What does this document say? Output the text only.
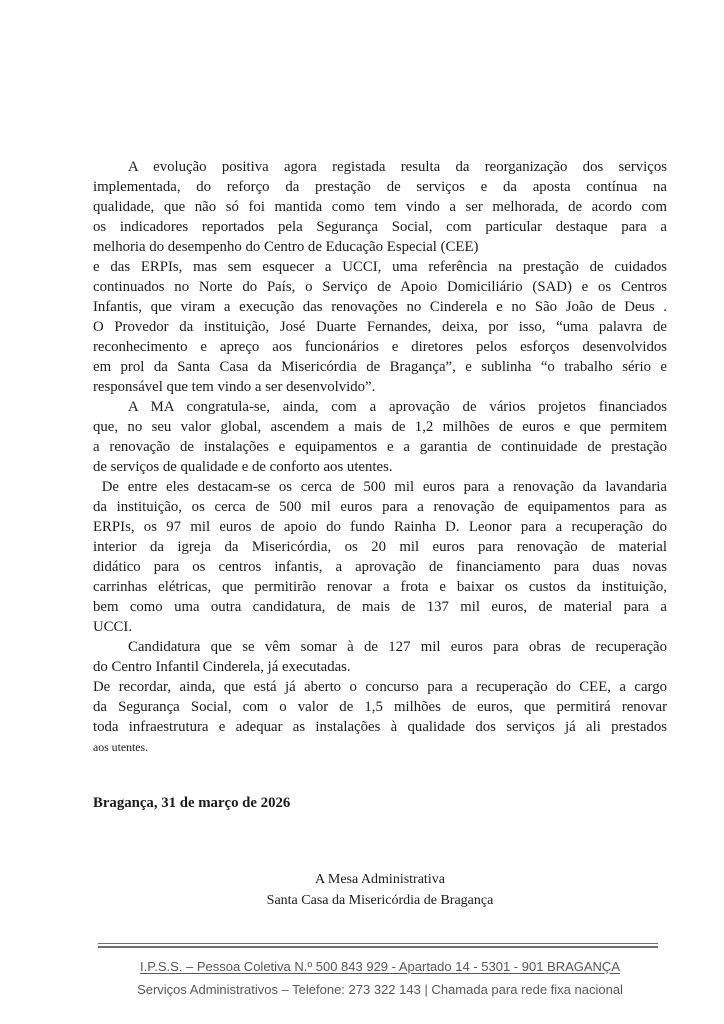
A evolução positiva agora registada resulta da reorganização dos serviços
implementada, do reforço da prestação de serviços e da aposta contínua na
qualidade, que não só foi mantida como tem vindo a ser melhorada, de acordo com
os indicadores reportados pela Segurança Social, com particular destaque para a
melhoria do desempenho do Centro de Educação Especial (CEE)
e das ERPIs, mas sem esquecer a UCCI, uma referência na prestação de cuidados
continuados no Norte do País, o Serviço de Apoio Domiciliário (SAD) e os Centros
Infantis, que viram a execução das renovações no Cinderela e no São João de Deus .
O Provedor da instituição, José Duarte Fernandes, deixa, por isso, “uma palavra de
reconhecimento e apreço aos funcionários e diretores pelos esforços desenvolvidos
em prol da Santa Casa da Misericórdia de Bragança”, e sublinha “o trabalho sério e
responsável que tem vindo a ser desenvolvido”.
A MA congratula-se, ainda, com a aprovação de vários projetos financiados
que, no seu valor global, ascendem a mais de 1,2 milhões de euros e que permitem
a renovação de instalações e equipamentos e a garantia de continuidade de prestação
de serviços de qualidade e de conforto aos utentes.
De entre eles destacam-se os cerca de 500 mil euros para a renovação da lavandaria
da instituição, os cerca de 500 mil euros para a renovação de equipamentos para as
ERPIs, os 97 mil euros de apoio do fundo Rainha D. Leonor para a recuperação do
interior da igreja da Misericórdia, os 20 mil euros para renovação de material
didático para os centros infantis, a aprovação de financiamento para duas novas
carrinhas elétricas, que permitirão renovar a frota e baixar os custos da instituição,
bem como uma outra candidatura, de mais de 137 mil euros, de material para a
UCCI.
Candidatura que se vêm somar à de 127 mil euros para obras de recuperação
do Centro Infantil Cinderela, já executadas.
De recordar, ainda, que está já aberto o concurso para a recuperação do CEE, a cargo
da Segurança Social, com o valor de 1,5 milhões de euros, que permitirá renovar
toda infraestrutura e adequar as instalações à qualidade dos serviços já ali prestados
aos utentes.
Bragança, 31 de março de 2026
A Mesa Administrativa
Santa Casa da Misericórdia de Bragança
I.P.S.S. – Pessoa Coletiva N.º 500 843 929 - Apartado 14 - 5301 - 901 BRAGANÇA
Serviços Administrativos – Telefone: 273 322 143 | Chamada para rede fixa nacional
